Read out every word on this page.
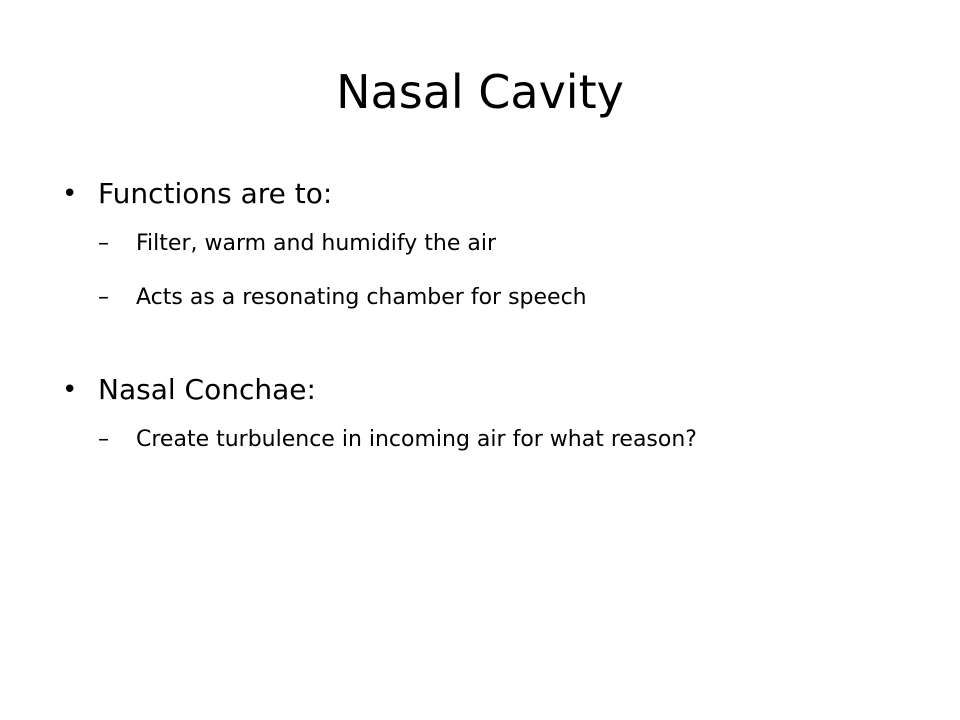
Nasal Cavity
• Functions are to:
– Filter, warm and humidify the air
– Acts as a resonating chamber for speech
• Nasal Conchae:
– Create turbulence in incoming air for what reason?
